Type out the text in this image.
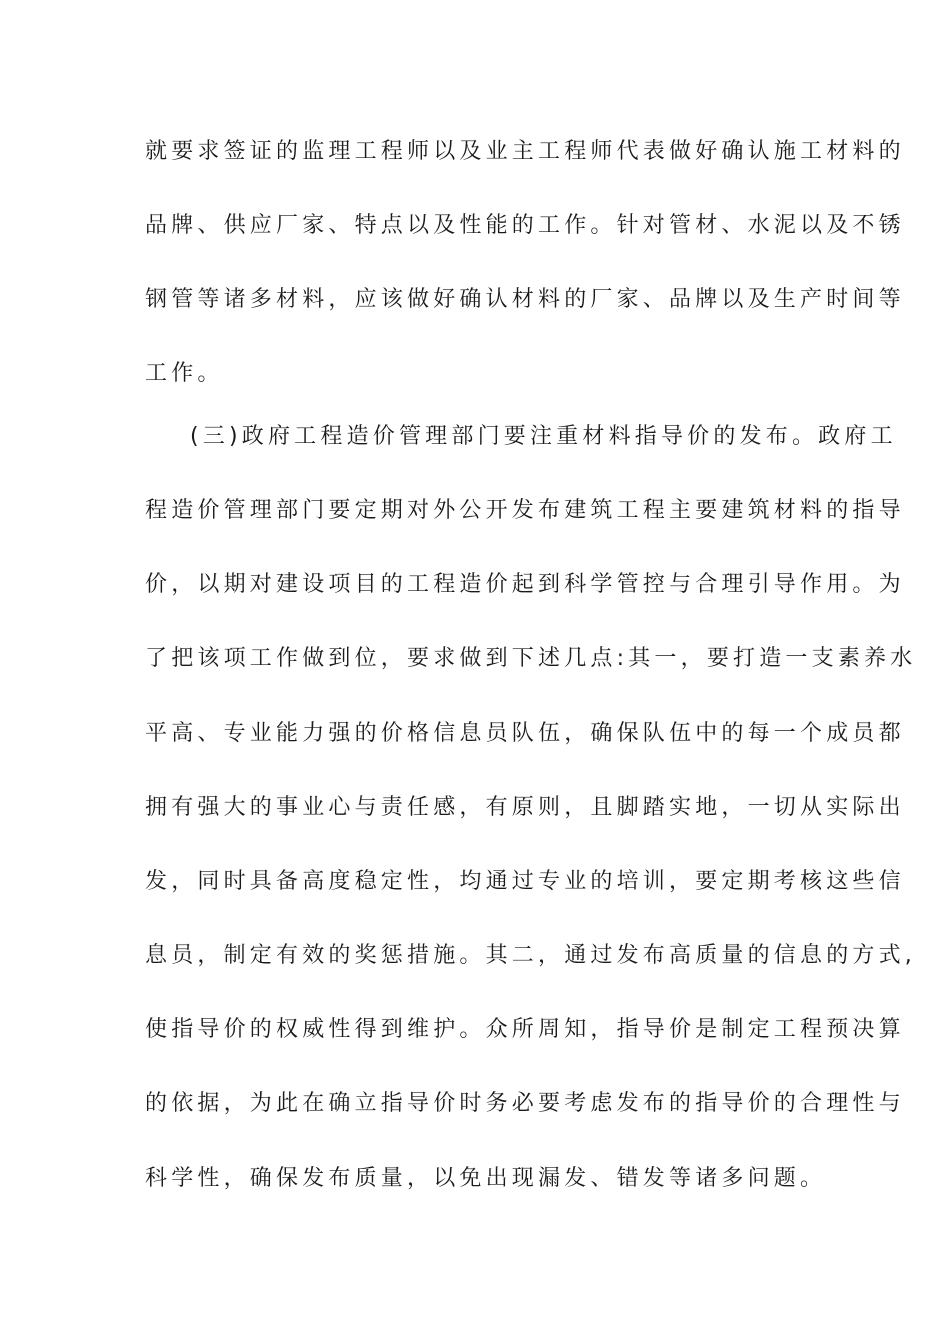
就要求签证的监理工程师以及业主工程师代表做好确认施工材料的
品牌、供应厂家、特点以及性能的工作。针对管材、水泥以及不锈
钢管等诸多材料，应该做好确认材料的厂家、品牌以及生产时间等
工作。
(三)政府工程造价管理部门要注重材料指导价的发布。政府工
程造价管理部门要定期对外公开发布建筑工程主要建筑材料的指导
价，以期对建设项目的工程造价起到科学管控与合理引导作用。为
了把该项工作做到位，要求做到下述几点:其一，要打造一支素养水
平高、专业能力强的价格信息员队伍，确保队伍中的每一个成员都
拥有强大的事业心与责任感，有原则，且脚踏实地，一切从实际出
发，同时具备高度稳定性，均通过专业的培训，要定期考核这些信
息员，制定有效的奖惩措施。其二，通过发布高质量的信息的方式,
使指导价的权威性得到维护。众所周知，指导价是制定工程预决算
的依据，为此在确立指导价时务必要考虑发布的指导价的合理性与
科学性，确保发布质量，以免出现漏发、错发等诸多问题。
